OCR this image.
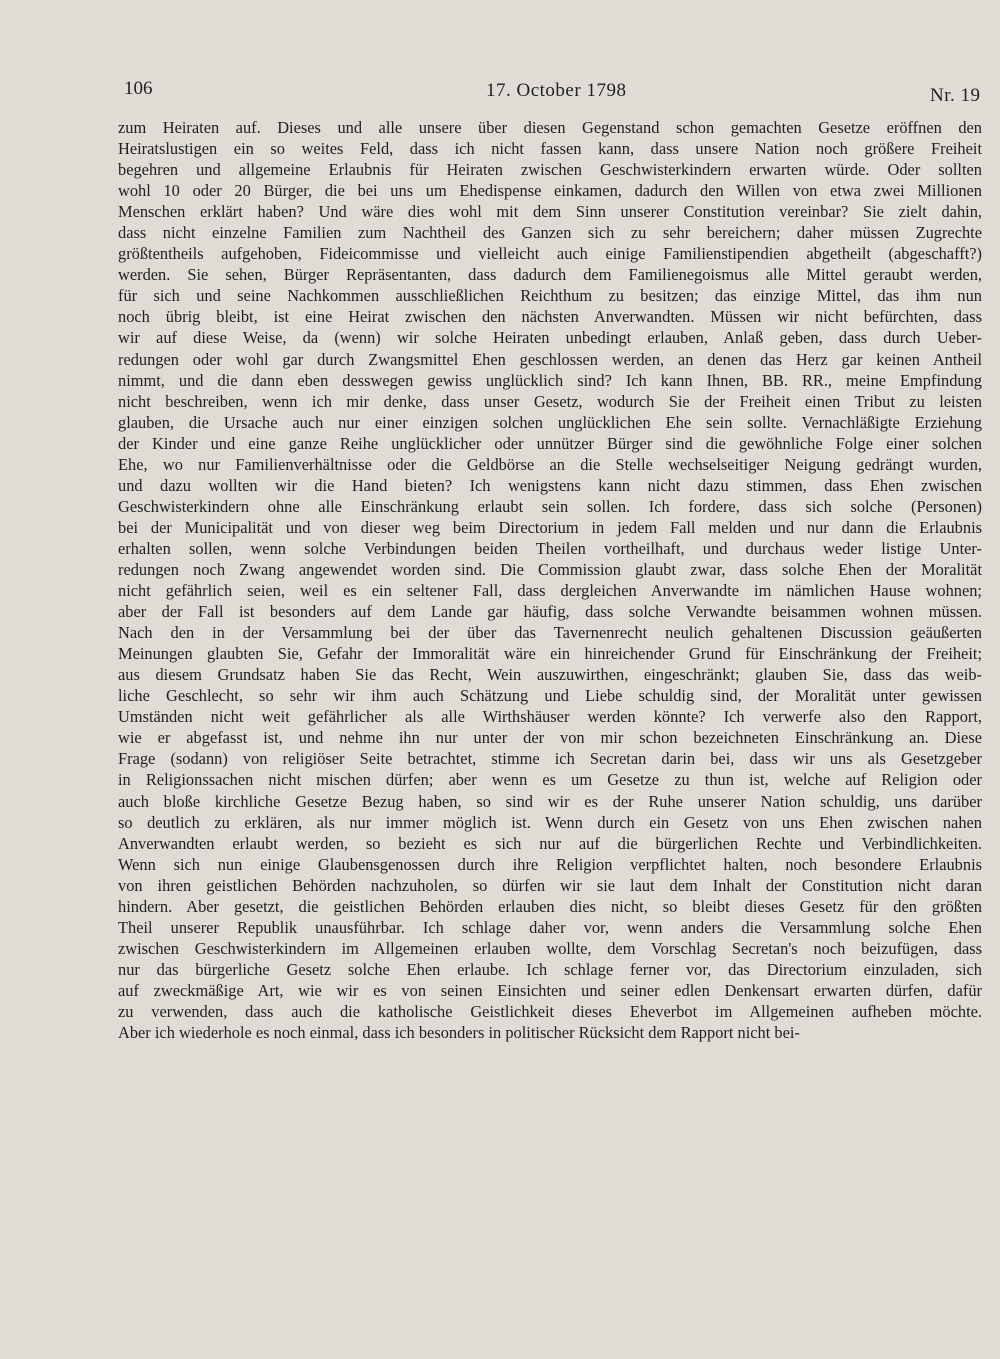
106	17. October 1798	Nr. 19
zum Heiraten auf. Dieses und alle unsere über diesen Gegenstand schon gemachten Gesetze eröffnen den
Heiratslustigen ein so weites Feld, dass ich nicht fassen kann, dass unsere Nation noch größere Freiheit
begehren und allgemeine Erlaubnis für Heiraten zwischen Geschwisterkindern erwarten würde. Oder sollten
wohl 10 oder 20 Bürger, die bei uns um Ehedispense einkamen, dadurch den Willen von etwa zwei Millionen
Menschen erklärt haben? Und wäre dies wohl mit dem Sinn unserer Constitution vereinbar? Sie zielt dahin,
dass nicht einzelne Familien zum Nachtheil des Ganzen sich zu sehr bereichern; daher müssen Zugrechte
größtentheils aufgehoben, Fideicommisse und vielleicht auch einige Familienstipendien abgetheilt (abgeschafft?)
werden. Sie sehen, Bürger Repräsentanten, dass dadurch dem Familienegoismus alle Mittel geraubt werden,
für sich und seine Nachkommen ausschließlichen Reichthum zu besitzen; das einzige Mittel, das ihm nun
noch übrig bleibt, ist eine Heirat zwischen den nächsten Anverwandten. Müssen wir nicht befürchten, dass
wir auf diese Weise, da (wenn) wir solche Heiraten unbedingt erlauben, Anlaß geben, dass durch Ueber-
redungen oder wohl gar durch Zwangsmittel Ehen geschlossen werden, an denen das Herz gar keinen Antheil
nimmt, und die dann eben desswegen gewiss unglücklich sind? Ich kann Ihnen, BB. RR., meine Empfindung
nicht beschreiben, wenn ich mir denke, dass unser Gesetz, wodurch Sie der Freiheit einen Tribut zu leisten
glauben, die Ursache auch nur einer einzigen solchen unglücklichen Ehe sein sollte. Vernachläßigte Erziehung
der Kinder und eine ganze Reihe unglücklicher oder unnützer Bürger sind die gewöhnliche Folge einer solchen
Ehe, wo nur Familienverhältnisse oder die Geldbörse an die Stelle wechselseitiger Neigung gedrängt wurden,
und dazu wollten wir die Hand bieten? Ich wenigstens kann nicht dazu stimmen, dass Ehen zwischen
Geschwisterkindern ohne alle Einschränkung erlaubt sein sollen. Ich fordere, dass sich solche (Personen)
bei der Municipalität und von dieser weg beim Directorium in jedem Fall melden und nur dann die Erlaubnis
erhalten sollen, wenn solche Verbindungen beiden Theilen vortheilhaft, und durchaus weder listige Unter-
redungen noch Zwang angewendet worden sind. Die Commission glaubt zwar, dass solche Ehen der Moralität
nicht gefährlich seien, weil es ein seltener Fall, dass dergleichen Anverwandte im nämlichen Hause wohnen;
aber der Fall ist besonders auf dem Lande gar häufig, dass solche Verwandte beisammen wohnen müssen.
Nach den in der Versammlung bei der über das Tavernenrecht neulich gehaltenen Discussion geäußerten
Meinungen glaubten Sie, Gefahr der Immoralität wäre ein hinreichender Grund für Einschränkung der Freiheit;
aus diesem Grundsatz haben Sie das Recht, Wein auszuwirthen, eingeschränkt; glauben Sie, dass das weib-
liche Geschlecht, so sehr wir ihm auch Schätzung und Liebe schuldig sind, der Moralität unter gewissen
Umständen nicht weit gefährlicher als alle Wirthshäuser werden könnte? Ich verwerfe also den Rapport,
wie er abgefasst ist, und nehme ihn nur unter der von mir schon bezeichneten Einschränkung an. Diese
Frage (sodann) von religiöser Seite betrachtet, stimme ich Secretan darin bei, dass wir uns als Gesetzgeber
in Religionssachen nicht mischen dürfen; aber wenn es um Gesetze zu thun ist, welche auf Religion oder
auch bloße kirchliche Gesetze Bezug haben, so sind wir es der Ruhe unserer Nation schuldig, uns darüber
so deutlich zu erklären, als nur immer möglich ist. Wenn durch ein Gesetz von uns Ehen zwischen nahen
Anverwandten erlaubt werden, so bezieht es sich nur auf die bürgerlichen Rechte und Verbindlichkeiten.
Wenn sich nun einige Glaubensgenossen durch ihre Religion verpflichtet halten, noch besondere Erlaubnis
von ihren geistlichen Behörden nachzuholen, so dürfen wir sie laut dem Inhalt der Constitution nicht daran
hindern. Aber gesetzt, die geistlichen Behörden erlauben dies nicht, so bleibt dieses Gesetz für den größten
Theil unserer Republik unausführbar. Ich schlage daher vor, wenn anders die Versammlung solche Ehen
zwischen Geschwisterkindern im Allgemeinen erlauben wollte, dem Vorschlag Secretan's noch beizufügen, dass
nur das bürgerliche Gesetz solche Ehen erlaube. Ich schlage ferner vor, das Directorium einzuladen, sich
auf zweckmäßige Art, wie wir es von seinen Einsichten und seiner edlen Denkensart erwarten dürfen, dafür
zu verwenden, dass auch die katholische Geistlichkeit dieses Eheverbot im Allgemeinen aufheben möchte.
Aber ich wiederhole es noch einmal, dass ich besonders in politischer Rücksicht dem Rapport nicht bei-
